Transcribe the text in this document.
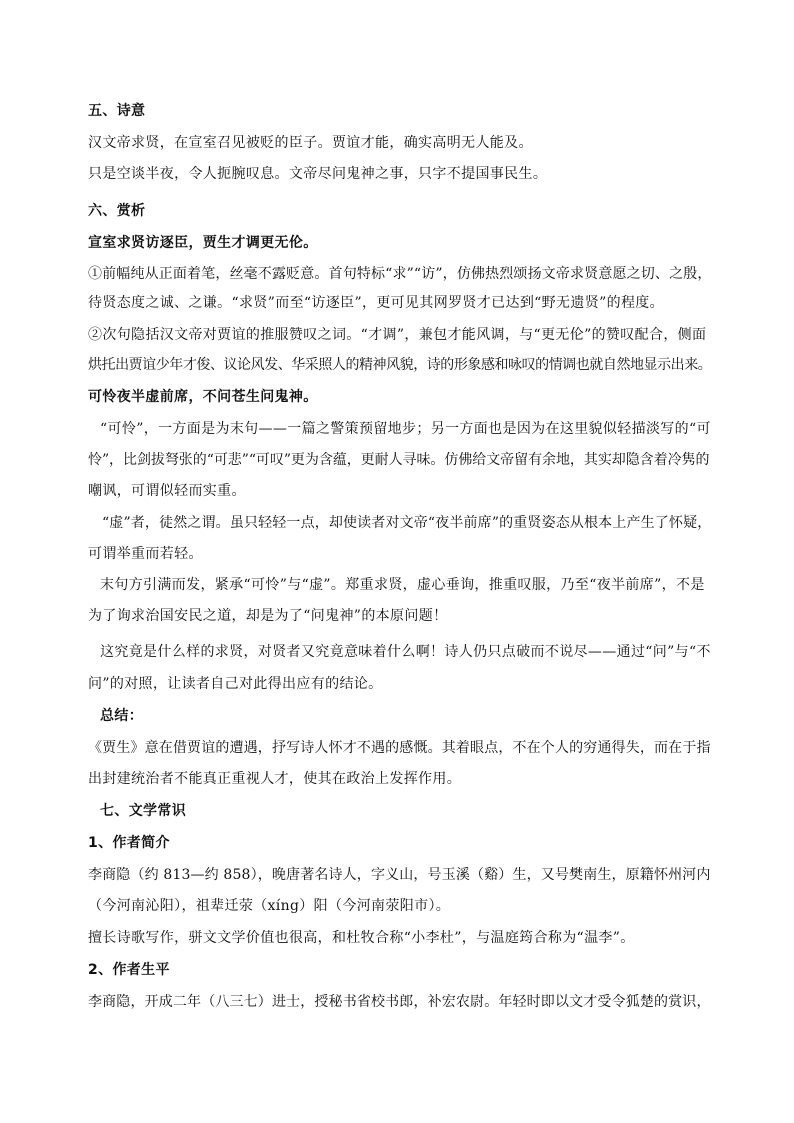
五、诗意
汉文帝求贤，在宣室召见被贬的臣子。贾谊才能，确实高明无人能及。
只是空谈半夜，令人扼腕叹息。文帝尽问鬼神之事，只字不提国事民生。
六、赏析
宣室求贤访逐臣，贾生才调更无伦。
①前幅纯从正面着笔，丝毫不露贬意。首句特标“求”“访”，仿佛热烈颂扬文帝求贤意愿之切、之殷，
待贤态度之诚、之谦。“求贤”而至“访逐臣”，更可见其网罗贤才已达到“野无遗贤”的程度。
②次句隐括汉文帝对贾谊的推服赞叹之词。“才调”，兼包才能风调，与“更无伦”的赞叹配合，侧面
烘托出贾谊少年才俊、议论风发、华采照人的精神风貌，诗的形象感和咏叹的情调也就自然地显示出来。
可怜夜半虚前席，不问苍生问鬼神。
“可怜”，一方面是为末句——一篇之警策预留地步；另一方面也是因为在这里貌似轻描淡写的“可
怜”，比剑拔弩张的“可悲”“可叹”更为含蕴，更耐人寻味。仿佛给文帝留有余地，其实却隐含着冷隽的
嘲讽，可谓似轻而实重。
“虚”者，徒然之谓。虽只轻轻一点，却使读者对文帝“夜半前席”的重贤姿态从根本上产生了怀疑，
可谓举重而若轻。
末句方引满而发，紧承“可怜”与“虚”。郑重求贤，虚心垂询，推重叹服，乃至“夜半前席”，不是
为了询求治国安民之道，却是为了“问鬼神”的本原问题！
这究竟是什么样的求贤，对贤者又究竟意味着什么啊！诗人仍只点破而不说尽——通过“问”与“不
问”的对照，让读者自己对此得出应有的结论。
总结：
《贾生》意在借贾谊的遭遇，抒写诗人怀才不遇的感慨。其着眼点，不在个人的穷通得失，而在于指
出封建统治者不能真正重视人才，使其在政治上发挥作用。
七、文学常识
1、作者简介
李商隐（约 813—约 858），晚唐著名诗人，字义山，号玉溪（谿）生，又号樊南生，原籍怀州河内
（今河南沁阳），祖辈迁荥（xíng）阳（今河南荥阳市）。
擅长诗歌写作，骈文文学价值也很高，和杜牧合称“小李杜”，与温庭筠合称为“温李”。
2、作者生平
李商隐，开成二年（八三七）进士，授秘书省校书郎，补宏农尉。年轻时即以文才受令狐楚的赏识，
